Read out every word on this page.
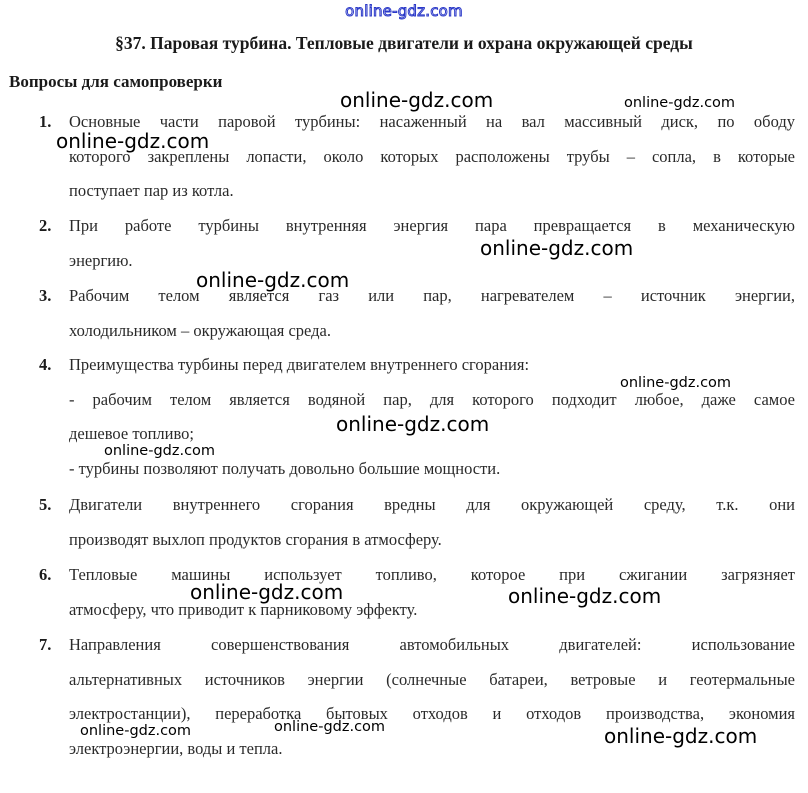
online-gdz.com
§37. Паровая турбина. Тепловые двигатели и охрана окружающей среды
Вопросы для самопроверки
1. Основные части паровой турбины: насаженный на вал массивный диск, по ободу
которого закреплены лопасти, около которых расположены трубы – сопла, в которые
поступает пар из котла.
2. При работе турбины внутренняя энергия пара превращается в механическую
энергию.
3. Рабочим телом является газ или пар, нагревателем – источник энергии,
холодильником – окружающая среда.
4. Преимущества турбины перед двигателем внутреннего сгорания:
- рабочим телом является водяной пар, для которого подходит любое, даже самое
дешевое топливо;
- турбины позволяют получать довольно большие мощности.
5. Двигатели внутреннего сгорания вредны для окружающей среду, т.к. они
производят выхлоп продуктов сгорания в атмосферу.
6. Тепловые машины использует топливо, которое при сжигании загрязняет
атмосферу, что приводит к парниковому эффекту.
7. Направления совершенствования автомобильных двигателей: использование
альтернативных источников энергии (солнечные батареи, ветровые и геотермальные
электростанции), переработка бытовых отходов и отходов производства, экономия
электроэнергии, воды и тепла.
online-gdz.com	online-gdz.com
online-gdz.com
online-gdz.com
online-gdz.com
online-gdz.com
online-gdz.com
online-gdz.com
online-gdz.com	online-gdz.com
online-gdz.com	online-gdz.com	online-gdz.com
